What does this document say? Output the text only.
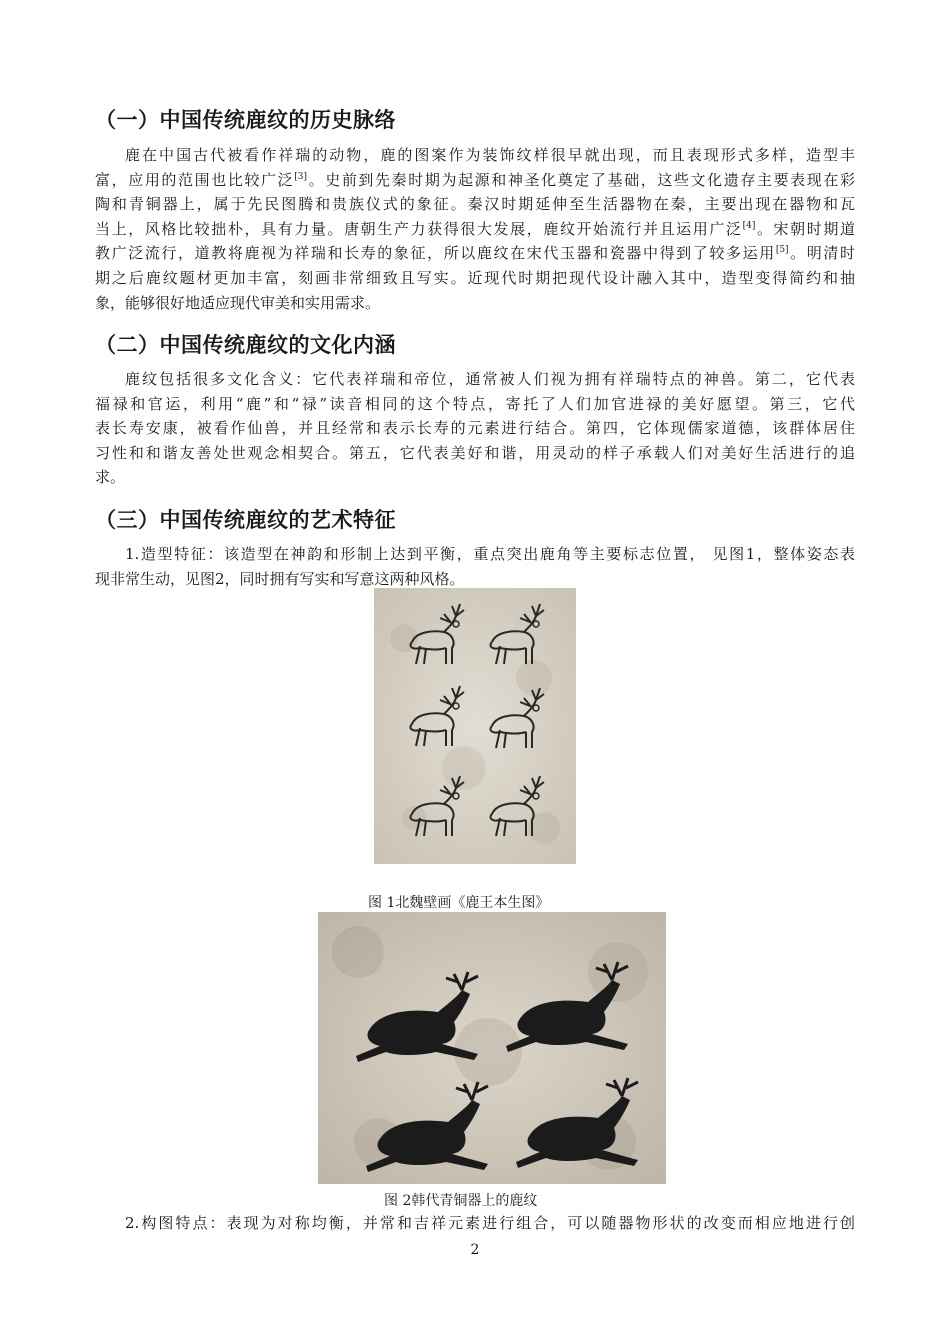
（一）中国传统鹿纹的历史脉络
鹿在中国古代被看作祥瑞的动物，鹿的图案作为装饰纹样很早就出现，而且表现形式多样，造型丰
富，应用的范围也比较广泛[3]。史前到先秦时期为起源和神圣化奠定了基础，这些文化遗存主要表现在彩
陶和青铜器上，属于先民图腾和贵族仪式的象征。秦汉时期延伸至生活器物在秦，主要出现在器物和瓦
当上，风格比较拙朴，具有力量。唐朝生产力获得很大发展，鹿纹开始流行并且运用广泛[4]。宋朝时期道
教广泛流行，道教将鹿视为祥瑞和长寿的象征，所以鹿纹在宋代玉器和瓷器中得到了较多运用[5]。明清时
期之后鹿纹题材更加丰富，刻画非常细致且写实。近现代时期把现代设计融入其中，造型变得简约和抽
象，能够很好地适应现代审美和实用需求。
（二）中国传统鹿纹的文化内涵
鹿纹包括很多文化含义：它代表祥瑞和帝位，通常被人们视为拥有祥瑞特点的神兽。第二，它代表
福禄和官运，利用“鹿”和“禄”读音相同的这个特点，寄托了人们加官进禄的美好愿望。第三，它代
表长寿安康，被看作仙兽，并且经常和表示长寿的元素进行结合。第四，它体现儒家道德，该群体居住
习性和和谐友善处世观念相契合。第五，它代表美好和谐，用灵动的样子承载人们对美好生活进行的追
求。
（三）中国传统鹿纹的艺术特征
1.造型特征：该造型在神韵和形制上达到平衡，重点突出鹿角等主要标志位置， 见图1，整体姿态表
现非常生动，见图2，同时拥有写实和写意这两种风格。
图 1北魏壁画《鹿王本生图》
图 2韩代青铜器上的鹿纹
2.构图特点：表现为对称均衡，并常和吉祥元素进行组合，可以随器物形状的改变而相应地进行创
2
